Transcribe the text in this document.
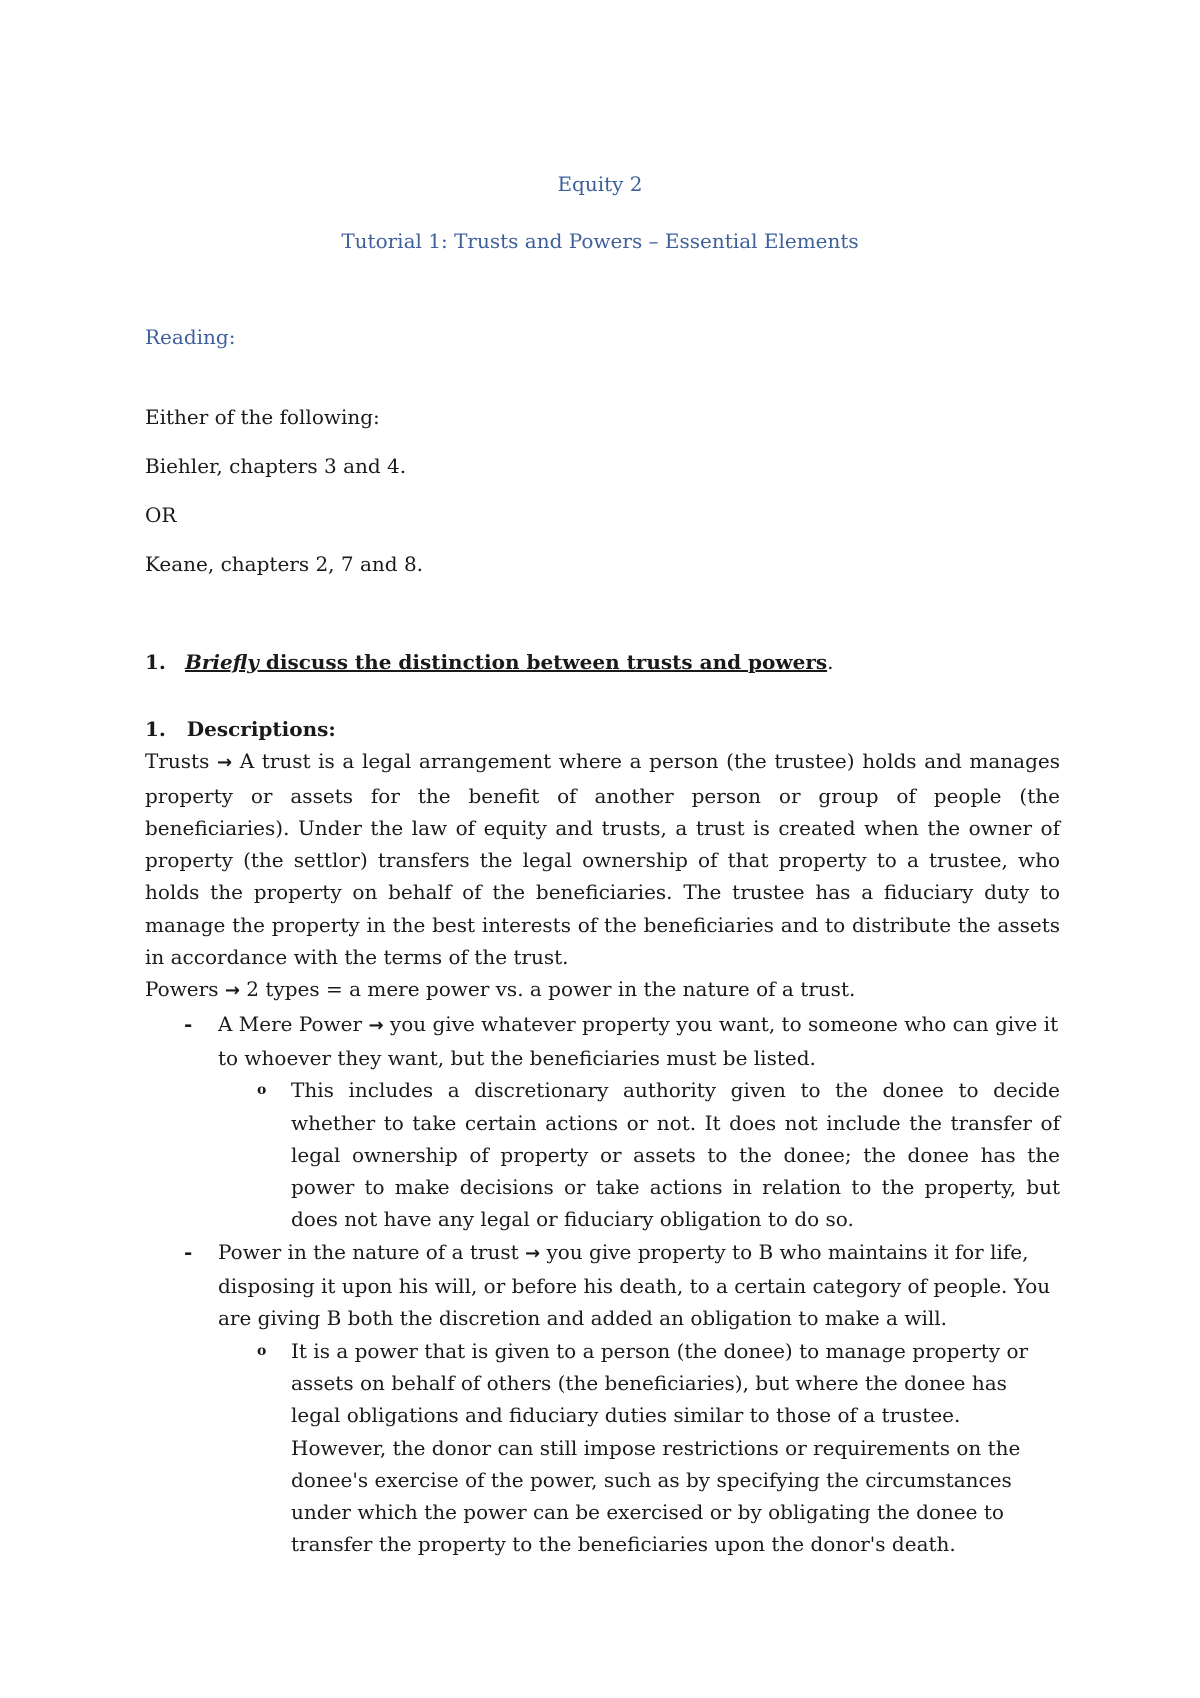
Equity 2
Tutorial 1: Trusts and Powers – Essential Elements

Reading:

Either of the following:

Biehler, chapters 3 and 4.

OR

Keane, chapters 2, 7 and 8.

1. Briefly discuss the distinction between trusts and powers.

1. Descriptions:
Trusts → A trust is a legal arrangement where a person (the trustee) holds and manages property or assets for the benefit of another person or group of people (the beneficiaries). Under the law of equity and trusts, a trust is created when the owner of property (the settlor) transfers the legal ownership of that property to a trustee, who holds the property on behalf of the beneficiaries. The trustee has a fiduciary duty to manage the property in the best interests of the beneficiaries and to distribute the assets in accordance with the terms of the trust.
Powers → 2 types = a mere power vs. a power in the nature of a trust.
- A Mere Power → you give whatever property you want, to someone who can give it to whoever they want, but the beneficiaries must be listed.
o This includes a discretionary authority given to the donee to decide whether to take certain actions or not. It does not include the transfer of legal ownership of property or assets to the donee; the donee has the power to make decisions or take actions in relation to the property, but does not have any legal or fiduciary obligation to do so.
- Power in the nature of a trust → you give property to B who maintains it for life, disposing it upon his will, or before his death, to a certain category of people. You are giving B both the discretion and added an obligation to make a will.
o It is a power that is given to a person (the donee) to manage property or assets on behalf of others (the beneficiaries), but where the donee has legal obligations and fiduciary duties similar to those of a trustee. However, the donor can still impose restrictions or requirements on the donee's exercise of the power, such as by specifying the circumstances under which the power can be exercised or by obligating the donee to transfer the property to the beneficiaries upon the donor's death.
